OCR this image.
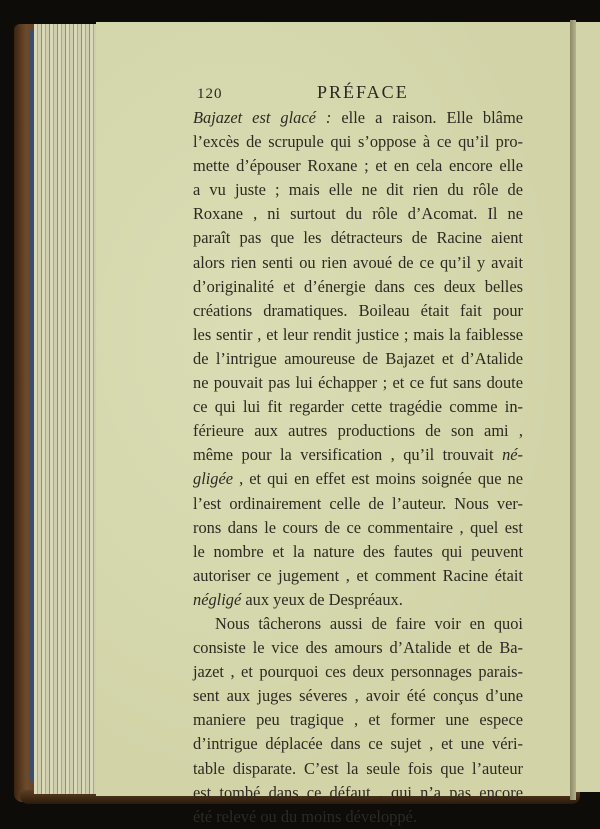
120	PRÉFACE
Bajazet est glacé : elle a raison. Elle blâme
l’excès de scrupule qui s’oppose à ce qu’il pro-
mette d’épouser Roxane ; et en cela encore elle
a vu juste ; mais elle ne dit rien du rôle de
Roxane , ni surtout du rôle d’Acomat. Il ne
paraît pas que les détracteurs de Racine aient
alors rien senti ou rien avoué de ce qu’il y avait
d’originalité et d’énergie dans ces deux belles
créations dramatiques. Boileau était fait pour
les sentir , et leur rendit justice ; mais la faiblesse
de l’intrigue amoureuse de Bajazet et d’Atalide
ne pouvait pas lui échapper ; et ce fut sans doute
ce qui lui fit regarder cette tragédie comme in-
férieure aux autres productions de son ami ,
même pour la versification , qu’il trouvait né-
gligée , et qui en effet est moins soignée que ne
l’est ordinairement celle de l’auteur. Nous ver-
rons dans le cours de ce commentaire , quel est
le nombre et la nature des fautes qui peuvent
autoriser ce jugement , et comment Racine était
négligé aux yeux de Despréaux.
Nous tâcherons aussi de faire voir en quoi
consiste le vice des amours d’Atalide et de Ba-
jazet , et pourquoi ces deux personnages parais-
sent aux juges séveres , avoir été conçus d’une
maniere peu tragique , et former une espece
d’intrigue déplacée dans ce sujet , et une véri-
table disparate. C’est la seule fois que l’auteur
est tombé dans ce défaut , qui n’a pas encore
été relevé ou du moins développé.
